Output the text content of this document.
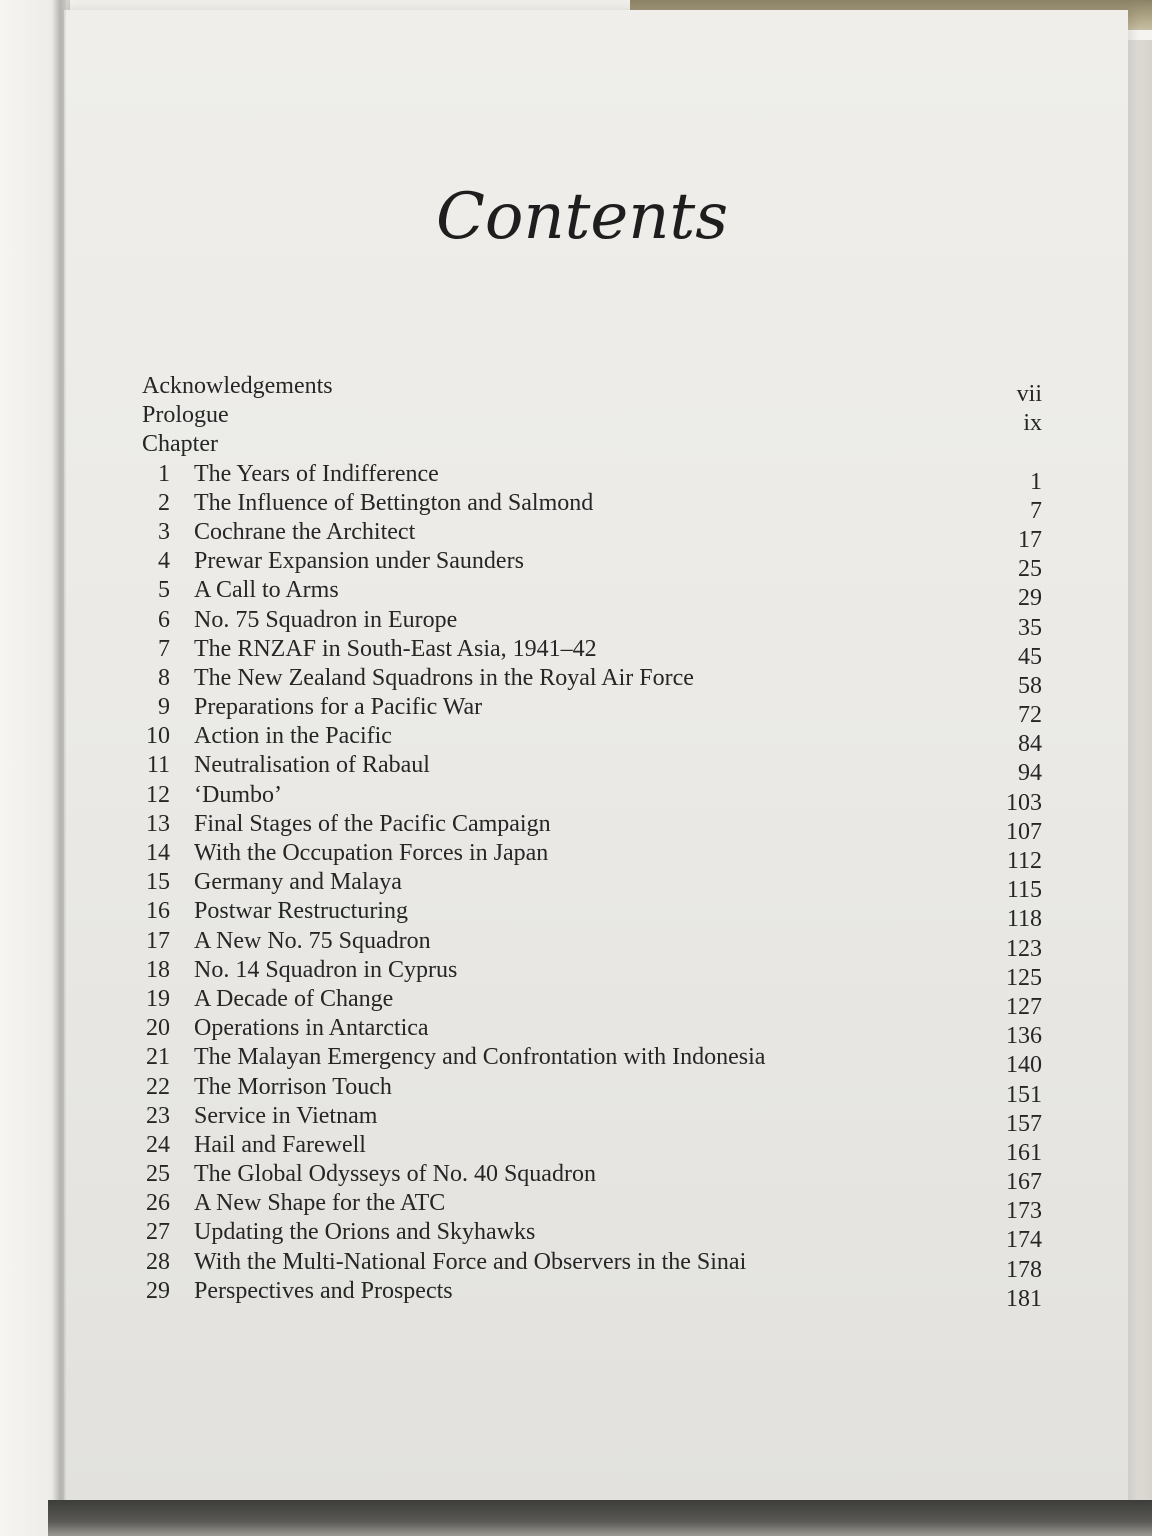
Contents
Acknowledgements	vii
Prologue	ix
Chapter
1 The Years of Indifference	1
2 The Influence of Bettington and Salmond	7
3 Cochrane the Architect	17
4 Prewar Expansion under Saunders	25
5 A Call to Arms	29
6 No. 75 Squadron in Europe	35
7 The RNZAF in South-East Asia, 1941–42	45
8 The New Zealand Squadrons in the Royal Air Force	58
9 Preparations for a Pacific War	72
10 Action in the Pacific	84
11 Neutralisation of Rabaul	94
12 ‘Dumbo’	103
13 Final Stages of the Pacific Campaign	107
14 With the Occupation Forces in Japan	112
15 Germany and Malaya	115
16 Postwar Restructuring	118
17 A New No. 75 Squadron	123
18 No. 14 Squadron in Cyprus	125
19 A Decade of Change	127
20 Operations in Antarctica	136
21 The Malayan Emergency and Confrontation with Indonesia	140
22 The Morrison Touch	151
23 Service in Vietnam	157
24 Hail and Farewell	161
25 The Global Odysseys of No. 40 Squadron	167
26 A New Shape for the ATC	173
27 Updating the Orions and Skyhawks	174
28 With the Multi-National Force and Observers in the Sinai	178
29 Perspectives and Prospects	181
